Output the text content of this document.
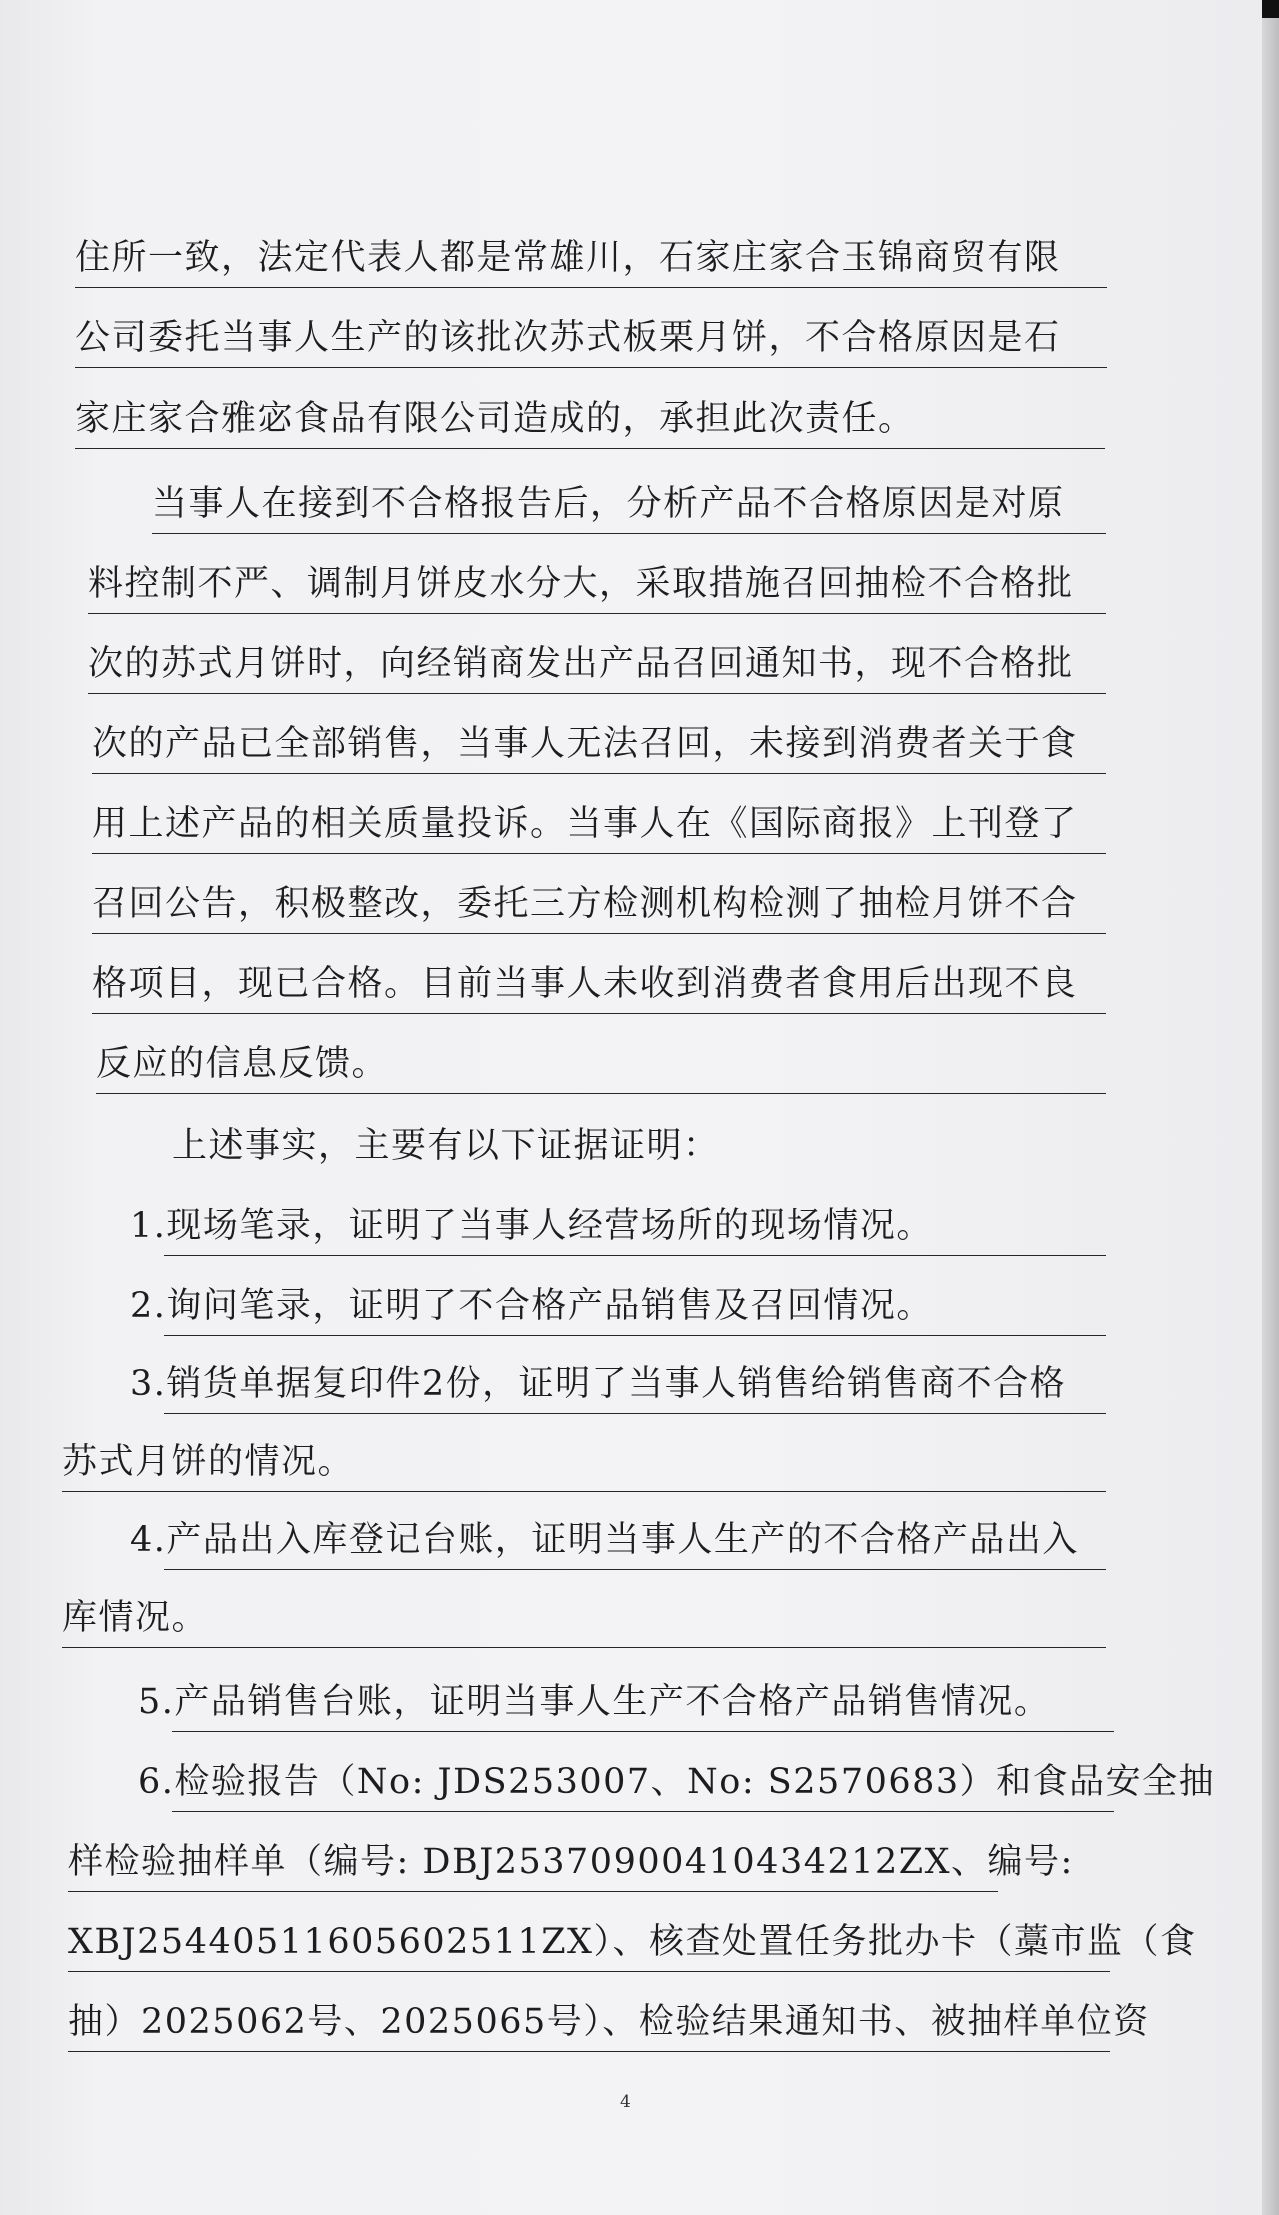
住所一致，法定代表人都是常雄川，石家庄家合玉锦商贸有限
公司委托当事人生产的该批次苏式板栗月饼，不合格原因是石
家庄家合雅宓食品有限公司造成的，承担此次责任。
当事人在接到不合格报告后，分析产品不合格原因是对原
料控制不严、调制月饼皮水分大，采取措施召回抽检不合格批
次的苏式月饼时，向经销商发出产品召回通知书，现不合格批
次的产品已全部销售，当事人无法召回，未接到消费者关于食
用上述产品的相关质量投诉。当事人在《国际商报》上刊登了
召回公告，积极整改，委托三方检测机构检测了抽检月饼不合
格项目，现已合格。目前当事人未收到消费者食用后出现不良
反应的信息反馈。
上述事实，主要有以下证据证明：
1.现场笔录，证明了当事人经营场所的现场情况。
2.询问笔录，证明了不合格产品销售及召回情况。
3.销货单据复印件2份，证明了当事人销售给销售商不合格
苏式月饼的情况。
4.产品出入库登记台账，证明当事人生产的不合格产品出入
库情况。
5.产品销售台账，证明当事人生产不合格产品销售情况。
6.检验报告（No: JDS253007、No: S2570683）和食品安全抽
样检验抽样单（编号: DBJ25370900410434212ZX、编号:
XBJ25440511605602511ZX）、核查处置任务批办卡（藁市监（食
抽）2025062号、2025065号）、检验结果通知书、被抽样单位资
4
